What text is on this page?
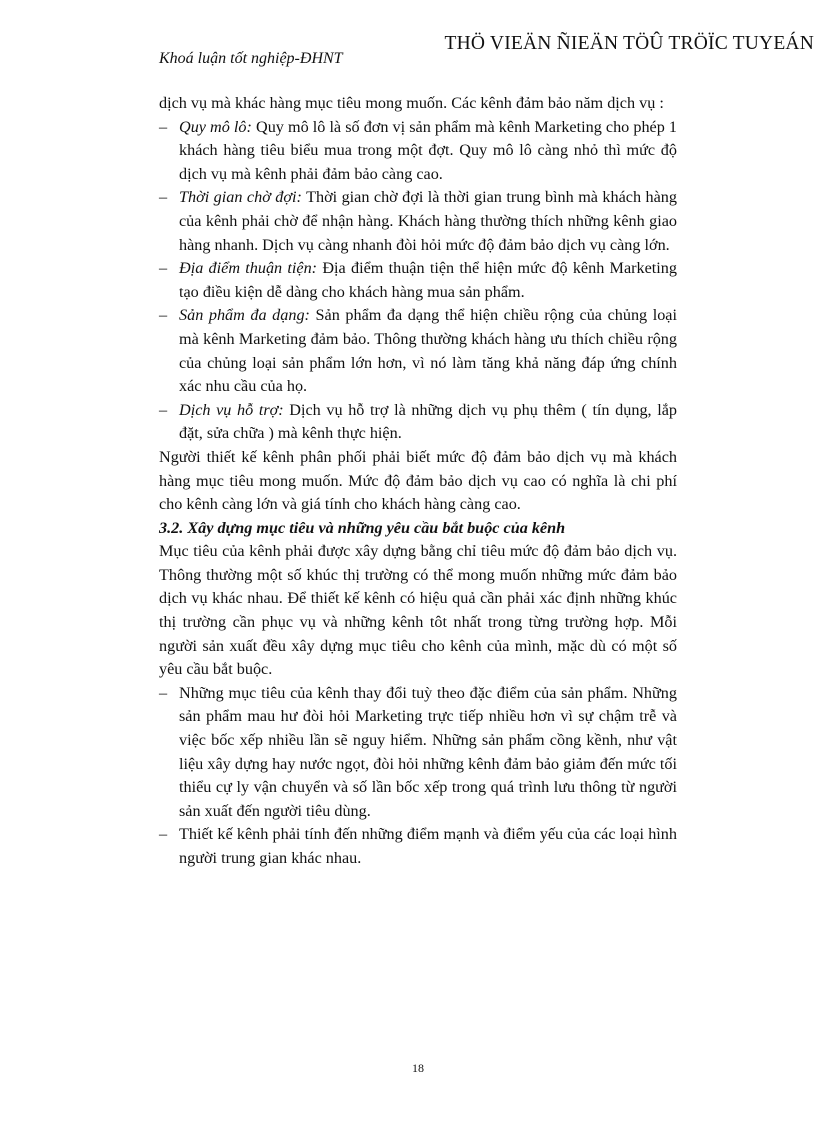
THÖ VIEÄN ÑIEÄN TÖÛ TRÖÏC TUYEÁN
Khoá luận tốt nghiệp-ĐHNT

dịch vụ mà khác hàng mục tiêu mong muốn. Các kênh đảm bảo năm dịch vụ :

– Quy mô lô: Quy mô lô là số đơn vị sản phẩm mà kênh Marketing cho phép 1 khách hàng tiêu biểu mua trong một đợt. Quy mô lô càng nhỏ thì mức độ dịch vụ mà kênh phải đảm bảo càng cao.
– Thời gian chờ đợi: Thời gian chờ đợi là thời gian trung bình mà khách hàng của kênh phải chờ để nhận hàng. Khách hàng thường thích những kênh giao hàng nhanh. Dịch vụ càng nhanh đòi hỏi mức độ đảm bảo dịch vụ càng lớn.
– Địa điểm thuận tiện: Địa điểm thuận tiện thể hiện mức độ kênh Marketing tạo điều kiện dễ dàng cho khách hàng mua sản phẩm.
– Sản phẩm đa dạng: Sản phẩm đa dạng thể hiện chiều rộng của chủng loại mà kênh Marketing đảm bảo. Thông thường khách hàng ưu thích chiều rộng của chủng loại sản phẩm lớn hơn, vì nó làm tăng khả năng đáp ứng chính xác nhu cầu của họ.
– Dịch vụ hỗ trợ: Dịch vụ hỗ trợ là những dịch vụ phụ thêm ( tín dụng, lắp đặt, sửa chữa ) mà kênh thực hiện.

Người thiết kế kênh phân phối phải biết mức độ đảm bảo dịch vụ mà khách hàng mục tiêu mong muốn. Mức độ đảm bảo dịch vụ cao có nghĩa là chi phí cho kênh càng lớn và giá tính cho khách hàng càng cao.

3.2. Xây dựng mục tiêu và những yêu cầu bắt buộc của kênh

Mục tiêu của kênh phải được xây dựng bằng chỉ tiêu mức độ đảm bảo dịch vụ. Thông thường một số khúc thị trường có thể mong muốn những mức đảm bảo dịch vụ khác nhau. Để thiết kế kênh có hiệu quả cần phải xác định những khúc thị trường cần phục vụ và những kênh tôt nhất trong từng trường hợp. Mỗi người sản xuất đều xây dựng mục tiêu cho kênh của mình, mặc dù có một số yêu cầu bắt buộc.

– Những mục tiêu của kênh thay đổi tuỳ theo đặc điểm của sản phẩm. Những sản phẩm mau hư đòi hỏi Marketing trực tiếp nhiều hơn vì sự chậm trễ và việc bốc xếp nhiều lần sẽ nguy hiểm. Những sản phẩm cồng kềnh, như vật liệu xây dựng hay nước ngọt, đòi hỏi những kênh đảm bảo giảm đến mức tối thiểu cự ly vận chuyển và số lần bốc xếp trong quá trình lưu thông từ người sản xuất đến người tiêu dùng.
– Thiết kế kênh phải tính đến những điểm mạnh và điểm yếu của các loại hình người trung gian khác nhau.
18
